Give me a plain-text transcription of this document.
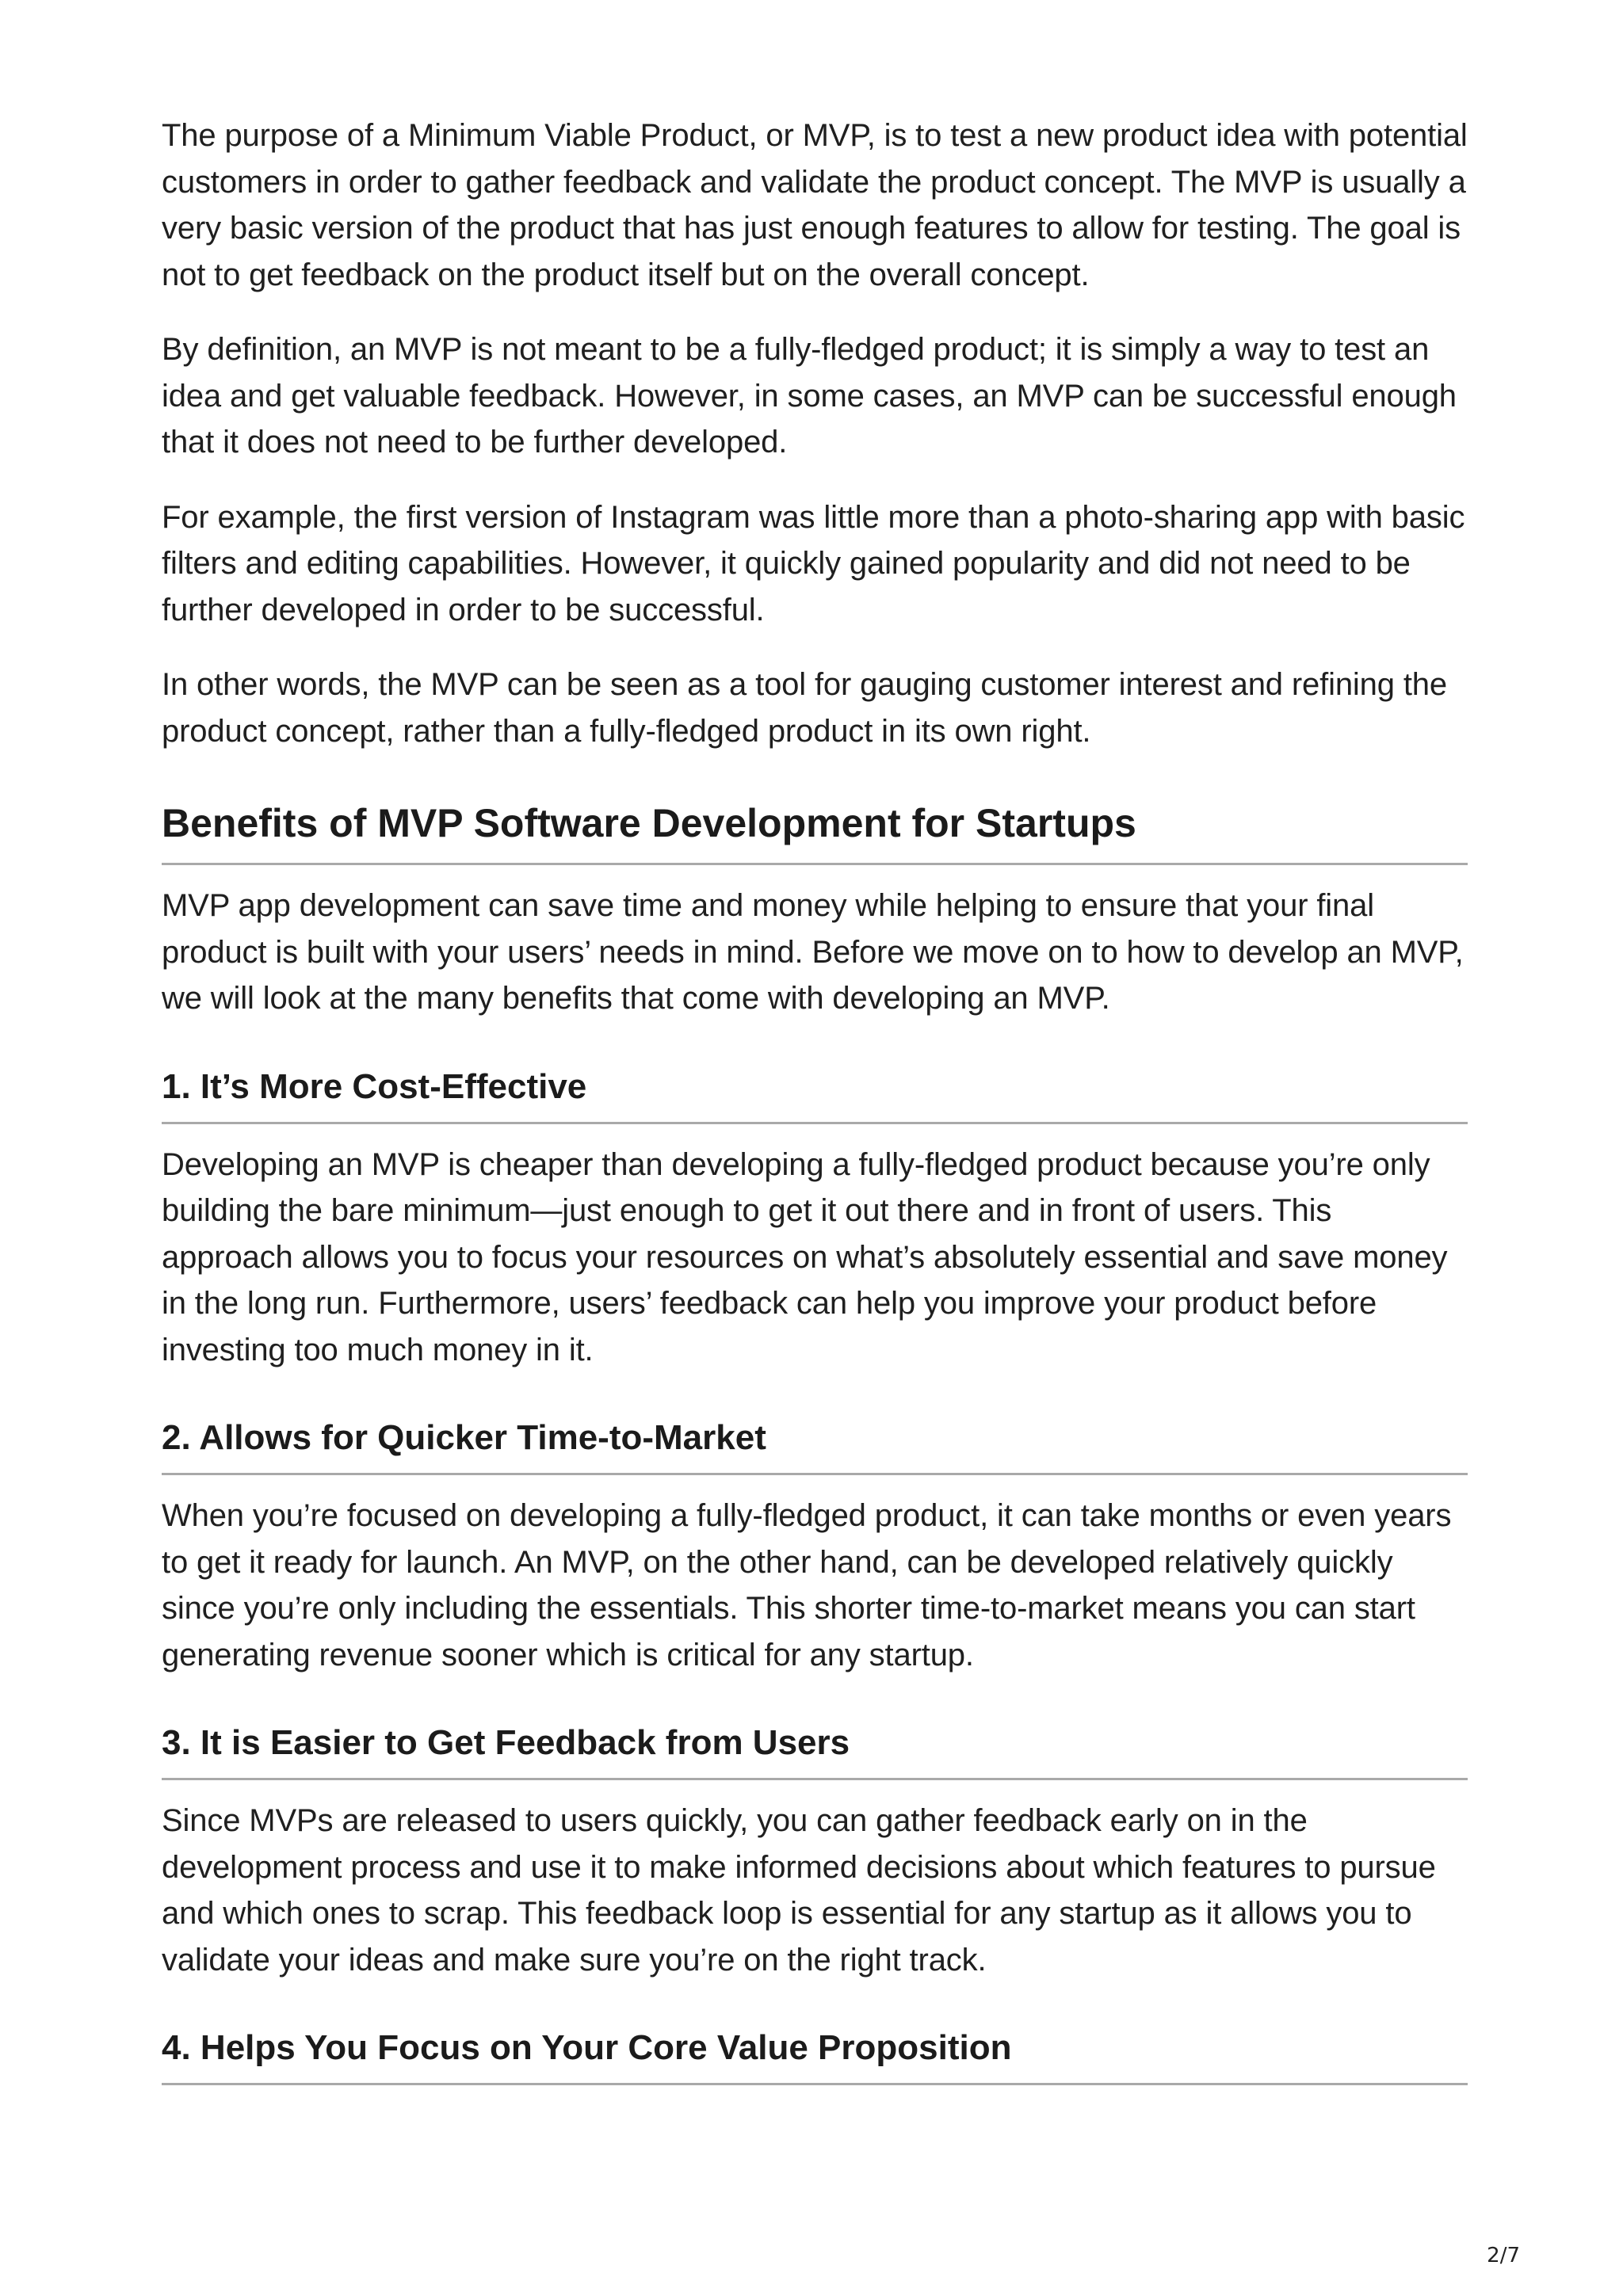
The purpose of a Minimum Viable Product, or MVP, is to test a new product idea with potential customers in order to gather feedback and validate the product concept. The MVP is usually a very basic version of the product that has just enough features to allow for testing. The goal is not to get feedback on the product itself but on the overall concept.

By definition, an MVP is not meant to be a fully-fledged product; it is simply a way to test an idea and get valuable feedback. However, in some cases, an MVP can be successful enough that it does not need to be further developed.

For example, the first version of Instagram was little more than a photo-sharing app with basic filters and editing capabilities. However, it quickly gained popularity and did not need to be further developed in order to be successful.

In other words, the MVP can be seen as a tool for gauging customer interest and refining the product concept, rather than a fully-fledged product in its own right.

Benefits of MVP Software Development for Startups

MVP app development can save time and money while helping to ensure that your final product is built with your users’ needs in mind. Before we move on to how to develop an MVP, we will look at the many benefits that come with developing an MVP.

1. It’s More Cost-Effective

Developing an MVP is cheaper than developing a fully-fledged product because you’re only building the bare minimum—just enough to get it out there and in front of users. This approach allows you to focus your resources on what’s absolutely essential and save money in the long run. Furthermore, users’ feedback can help you improve your product before investing too much money in it.

2. Allows for Quicker Time-to-Market

When you’re focused on developing a fully-fledged product, it can take months or even years to get it ready for launch. An MVP, on the other hand, can be developed relatively quickly since you’re only including the essentials. This shorter time-to-market means you can start generating revenue sooner which is critical for any startup.

3. It is Easier to Get Feedback from Users

Since MVPs are released to users quickly, you can gather feedback early on in the development process and use it to make informed decisions about which features to pursue and which ones to scrap. This feedback loop is essential for any startup as it allows you to validate your ideas and make sure you’re on the right track.

4. Helps You Focus on Your Core Value Proposition
2/7
